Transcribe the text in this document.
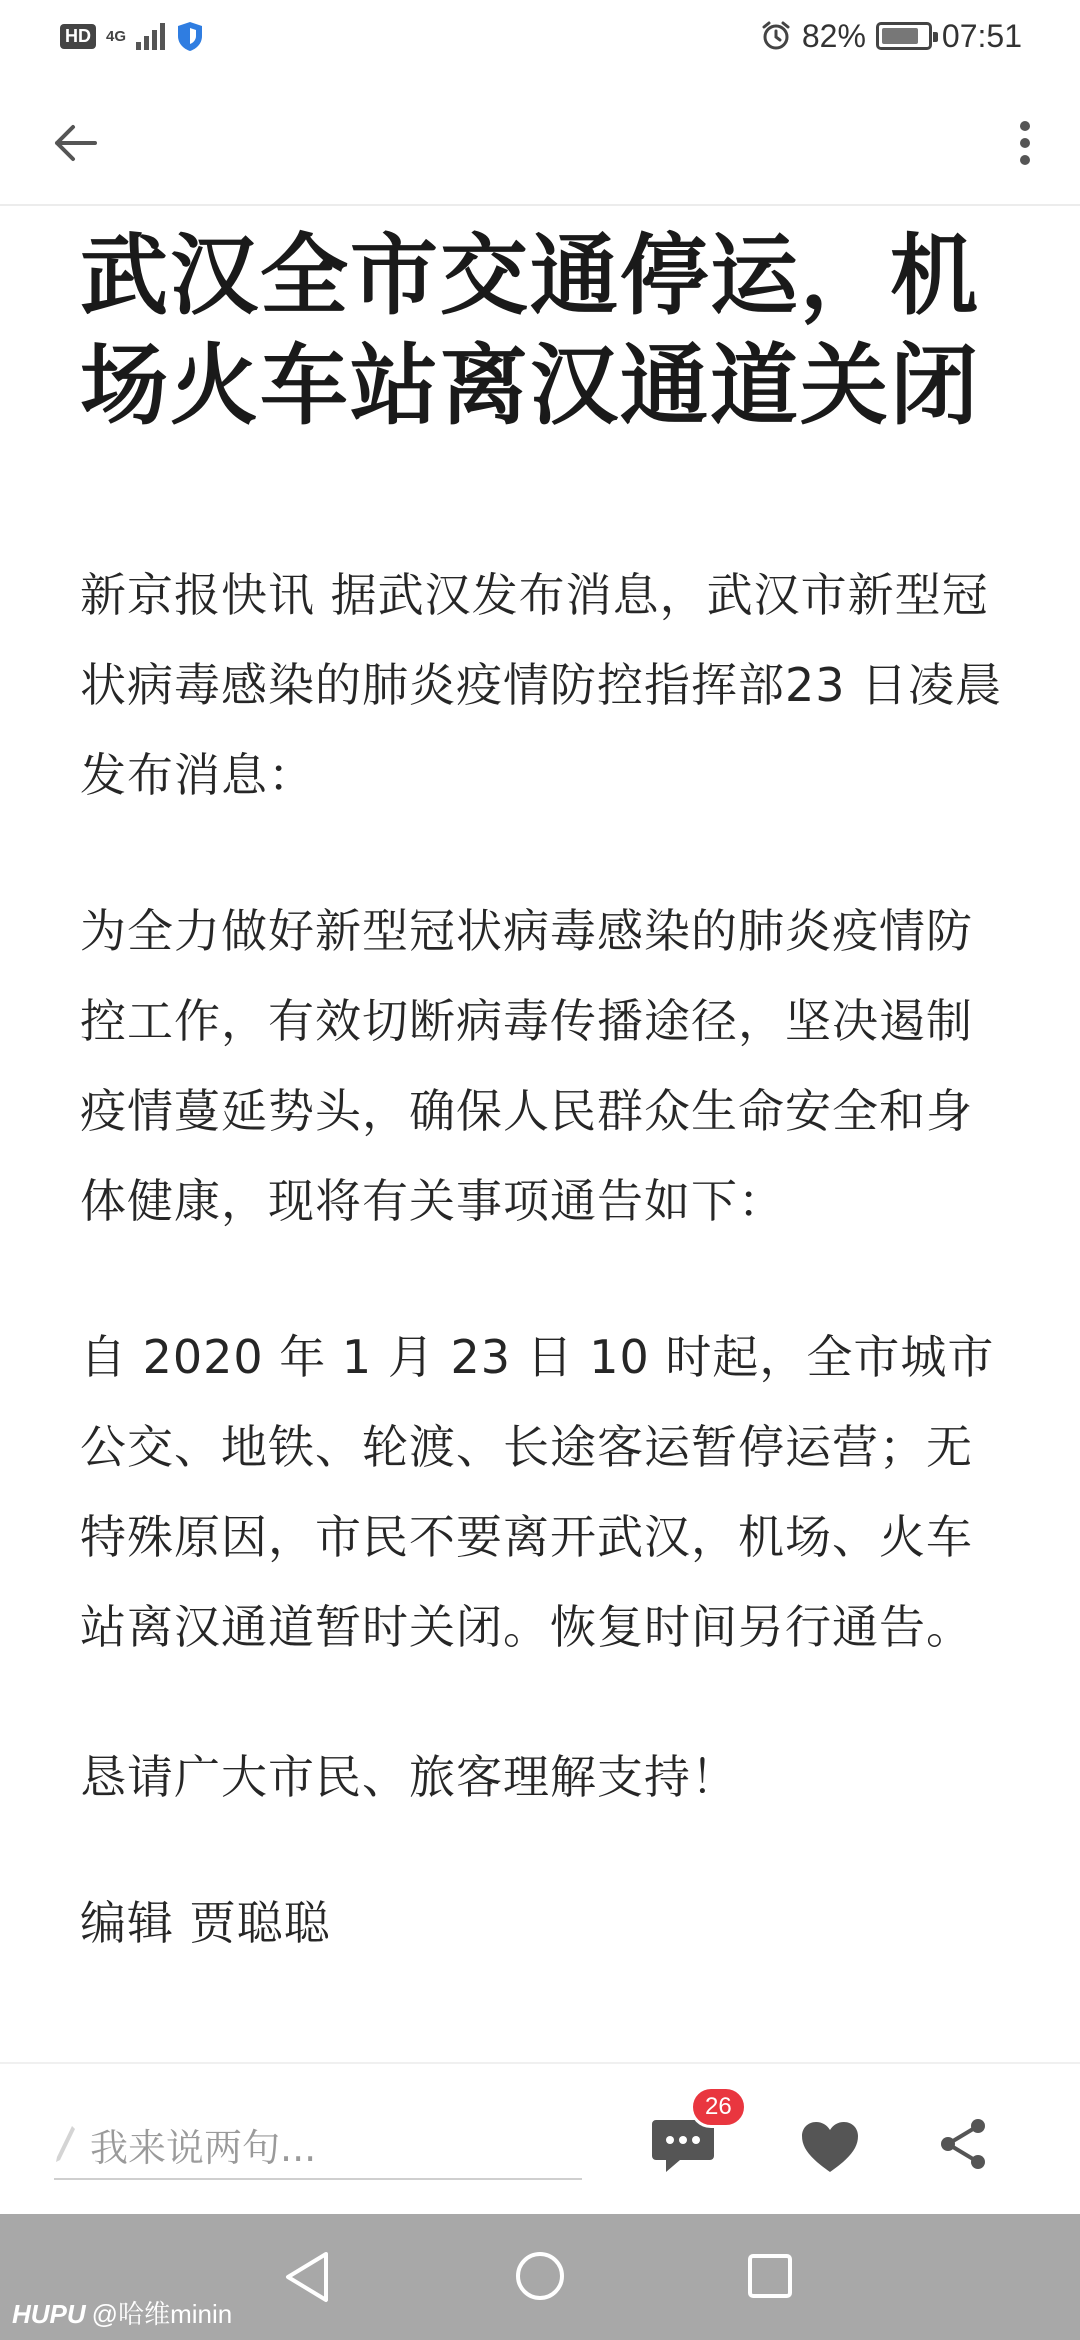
HD	4G	82% 07:51
武汉全市交通停运，机场火车站离汉通道关闭

新京报快讯 据武汉发布消息，武汉市新型冠状病毒感染的肺炎疫情防控指挥部23 日凌晨发布消息：

为全力做好新型冠状病毒感染的肺炎疫情防控工作，有效切断病毒传播途径，坚决遏制疫情蔓延势头，确保人民群众生命安全和身体健康，现将有关事项通告如下：

自 2020 年 1 月 23 日 10 时起，全市城市公交、地铁、轮渡、长途客运暂停运营；无特殊原因，市民不要离开武汉，机场、火车站离汉通道暂时关闭。恢复时间另行通告。

恳请广大市民、旅客理解支持！

编辑 贾聪聪

我来说两句...
26
HUPU @哈维minin
